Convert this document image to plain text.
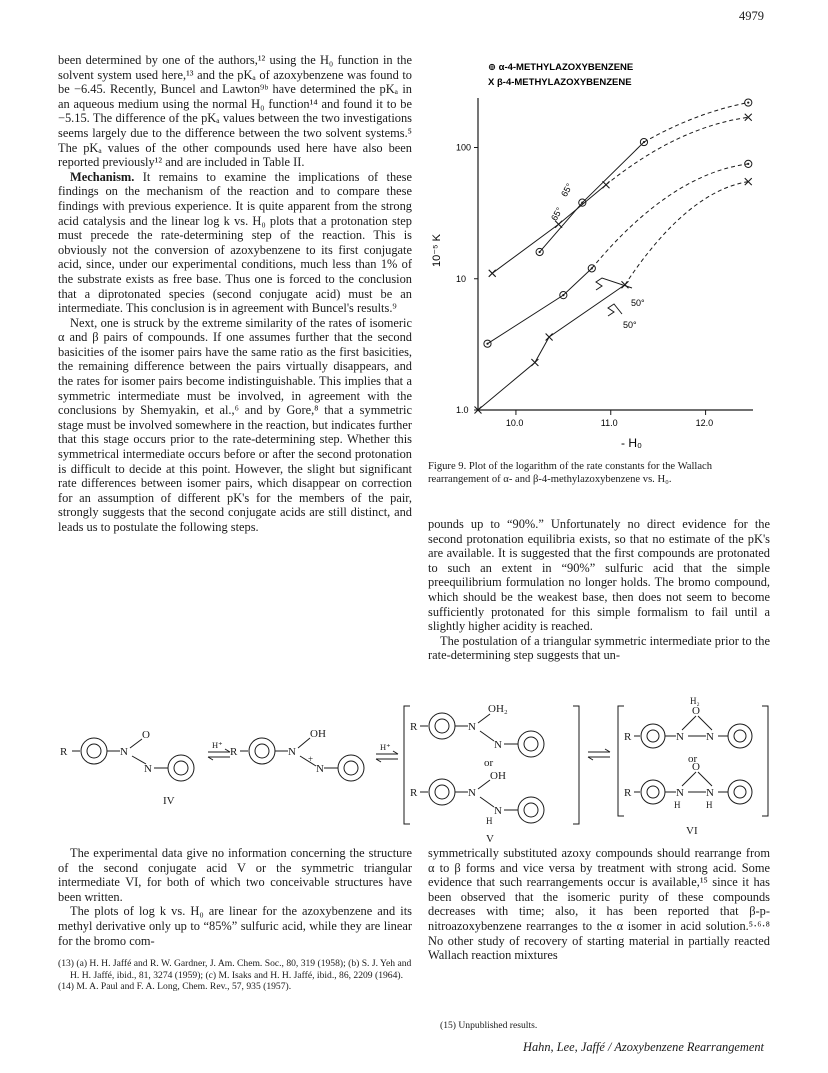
4979

been determined by one of the authors,¹² using the H₀ function in the solvent system used here,¹³ and the pKₐ of azoxybenzene was found to be −6.45. Recently, Buncel and Lawton⁹ᵇ have determined the pKₐ in an aqueous medium using the normal H₀ function¹⁴ and found it to be −5.15. The difference of the pKₐ values between the two investigations seems largely due to the difference between the two solvent systems.⁵ The pKₐ values of the other compounds used here have also been reported previously¹² and are included in Table II.

Mechanism. It remains to examine the implications of these findings on the mechanism of the reaction and to compare these findings with previous experience. It is quite apparent from the strong acid catalysis and the linear log k vs. H₀ plots that a protonation step must precede the rate-determining step of the reaction. This is obviously not the conversion of azoxybenzene to its first conjugate acid, since, under our experimental conditions, much less than 1% of the substrate exists as free base. Thus one is forced to the conclusion that a diprotonated species (second conjugate acid) must be an intermediate. This conclusion is in agreement with Buncel's results.⁹

Next, one is struck by the extreme similarity of the rates of isomeric α and β pairs of compounds. If one assumes further that the second basicities of the isomer pairs have the same ratio as the first basicities, the remaining difference between the pairs virtually disappears, and the rates for isomer pairs become indistinguishable. This implies that a symmetric intermediate must be involved, in agreement with the conclusions by Shemyakin, et al.,⁶ and by Gore,⁸ that a symmetric stage must be involved somewhere in the reaction, but indicates further that this stage occurs prior to the rate-determining step. Whether this symmetrical intermediate occurs before or after the second protonation is difficult to decide at this point. However, the slight but significant rate differences between isomer pairs, which disappear on correction for an assumption of different pK's for the members of the pair, strongly suggests that the second conjugate acids are still distinct, and leads us to postulate the following steps.

⊚ α-4-METHYLAZOXYBENZENE
X β-4-METHYLAZOXYBENZENE
10.0	11.0	12.0
1.0
10
100
10⁻⁵ K
- H₀
65°
65°
50°
50°
Figure 9. Plot of the logarithm of the rate constants for the Wallach rearrangement of α- and β-4-methylazoxybenzene vs. H₀.

pounds up to “90%.” Unfortunately no direct evidence for the second protonation equilibria exists, so that no estimate of the pK's are available. It is suggested that the first compounds are protonated to such an extent in “90%” sulfuric acid that the simple preequilibrium formulation no longer holds. The bromo compound, which should be the weakest base, then does not seem to become sufficiently protonated for this simple formalism to fail until a slightly higher acidity is reached.

The postulation of a triangular symmetric intermediate prior to the rate-determining step suggests that un-

R	N
O
N
IV
H⁺
R	N
OH
+
N
H⁺
R	N
OH₂
N
or
R	N
OH
N
H
V
R	N N
O
H₂
or
R	N N
O
H	H
VI

The experimental data give no information concerning the structure of the second conjugate acid V or the symmetric triangular intermediate VI, for both of which two conceivable structures have been written.

The plots of log k vs. H₀ are linear for the azoxybenzene and its methyl derivative only up to “85%” sulfuric acid, while they are linear for the bromo com-

(13) (a) H. H. Jaffé and R. W. Gardner, J. Am. Chem. Soc., 80, 319 (1958); (b) S. J. Yeh and H. H. Jaffé, ibid., 81, 3274 (1959); (c) M. Isaks and H. H. Jaffé, ibid., 86, 2209 (1964).

(14) M. A. Paul and F. A. Long, Chem. Rev., 57, 935 (1957).

symmetrically substituted azoxy compounds should rearrange from α to β forms and vice versa by treatment with strong acid. Some evidence that such rearrangements occur is available,¹⁵ since it has been observed that the isomeric purity of these compounds decreases with time; also, it has been reported that β-p-nitroazoxybenzene rearranges to the α isomer in acid solution.⁵·⁶·⁸ No other study of recovery of starting material in partially reacted Wallach reaction mixtures

(15) Unpublished results.
Hahn, Lee, Jaffé / Azoxybenzene Rearrangement
